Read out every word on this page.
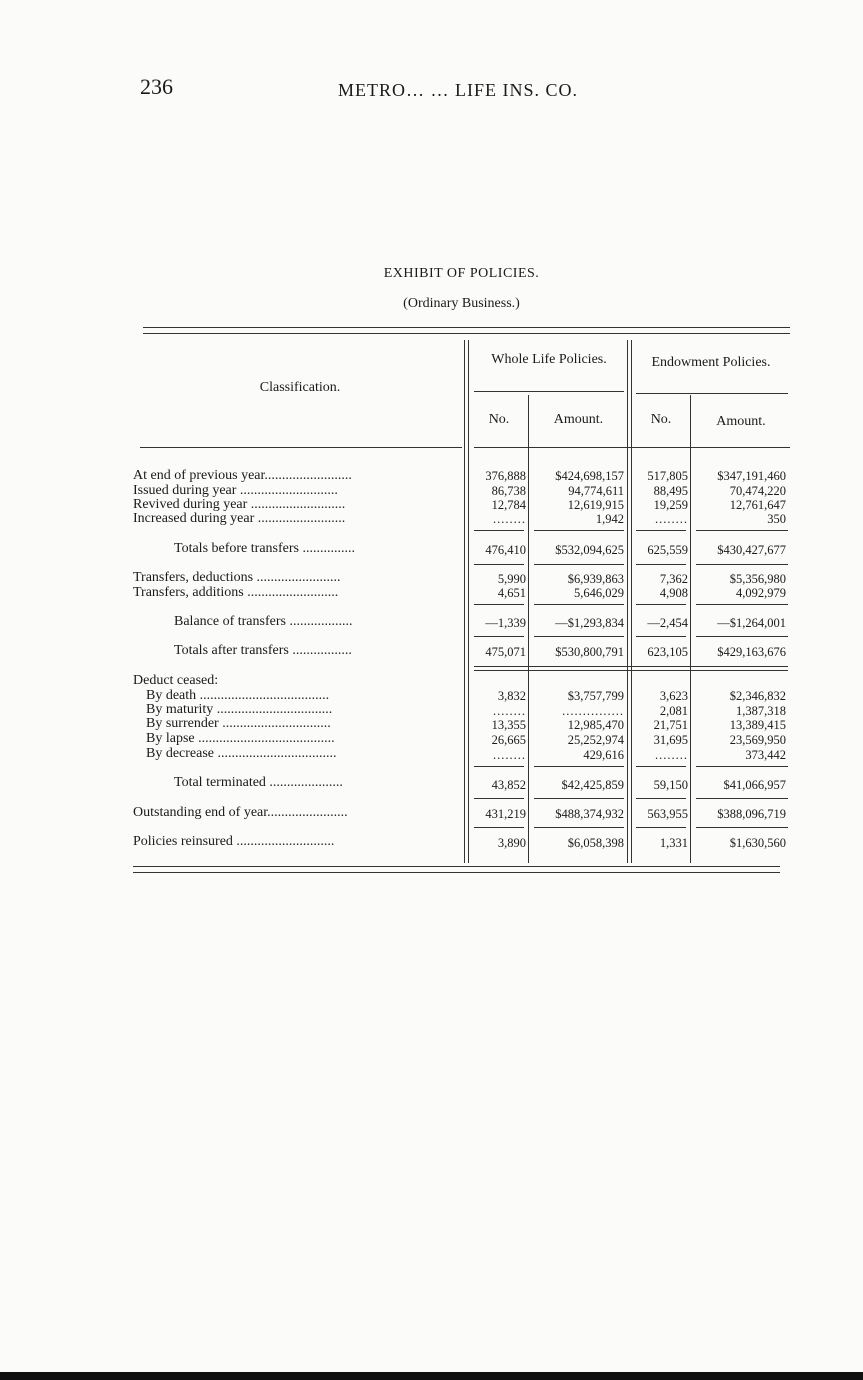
236	METRO… … LIFE INS. CO.
EXHIBIT OF POLICIES.
(Ordinary Business.)
Classification.
Whole Life Policies.	Endowment Policies.
No.	Amount.	No.	Amount.
At end of previous year.........................	376,888	$424,698,157	517,805	$347,191,460
Issued during year ............................	86,738	94,774,611	88,495	70,474,220
Revived during year ...........................	12,784	12,619,915	19,259	12,761,647
Increased during year .........................	........	1,942	........	350
Totals before transfers ...............	476,410	$532,094,625	625,559	$430,427,677
Transfers, deductions ........................	5,990	$6,939,863	7,362	$5,356,980
Transfers, additions ..........................	4,651	5,646,029	4,908	4,092,979
Balance of transfers ..................	—1,339	—$1,293,834	—2,454	—$1,264,001
Totals after transfers .................	475,071	$530,800,791	623,105	$429,163,676
Deduct ceased:
By death .....................................	3,832	$3,757,799	3,623	$2,346,832
By maturity .................................	........	...............	2,081	1,387,318
By surrender ...............................	13,355	12,985,470	21,751	13,389,415
By lapse .......................................	26,665	25,252,974	31,695	23,569,950
By decrease ..................................	........	429,616	........	373,442
Total terminated .....................	43,852	$42,425,859	59,150	$41,066,957
Outstanding end of year.......................	431,219	$488,374,932	563,955	$388,096,719
Policies reinsured ............................	3,890	$6,058,398	1,331	$1,630,560
